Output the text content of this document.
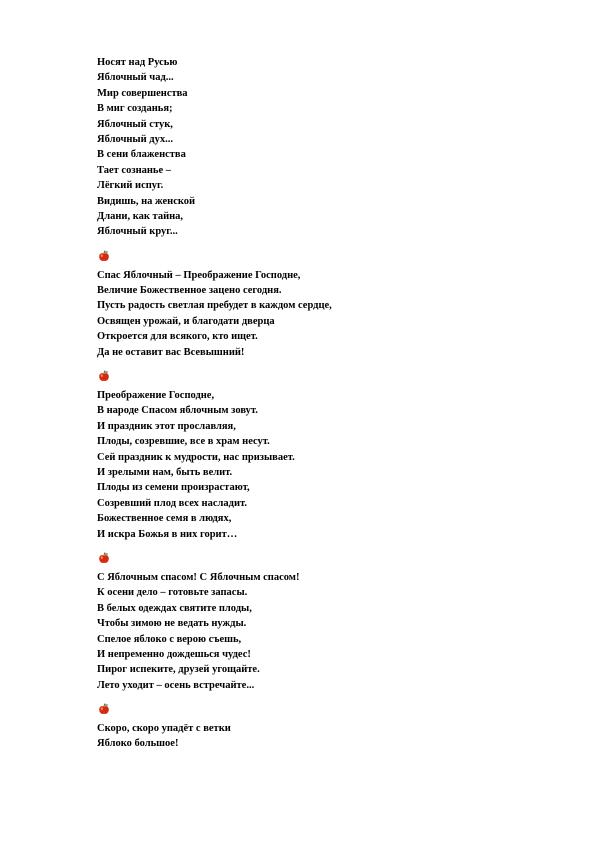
Носят над Русью
Яблочный чад...
Мир совершенства
В миг созданья;
Яблочный стук,
Яблочный дух...
В сени блаженства
Тает сознанье –
Лёгкий испуг.
Видишь, на женской
Длани, как тайна,
Яблочный круг...
Спас Яблочный – Преображение Господне,
Величие Божественное зацено сегодня.
Пусть радость светлая пребудет в каждом сердце,
Освящен урожай, и благодати дверца
Откроется для всякого, кто ищет.
Да не оставит вас Всевышний!
Преображение Господне,
В народе Спасом яблочным зовут.
И праздник этот прославляя,
Плоды, созревшие, все в храм несут.
Сей праздник к мудрости, нас призывает.
И зрелыми нам, быть велит.
Плоды из семени произрастают,
Созревший плод всех насладит.
Божественное семя в людях,
И искра Божья в них горит…
С Яблочным спасом! С Яблочным спасом!
К осени дело – готовьте запасы.
В белых одеждах святите плоды,
Чтобы зимою не ведать нужды.
Спелое яблоко с верою съешь,
И непременно дождешься чудес!
Пирог испеките, друзей угощайте.
Лето уходит – осень встречайте...
Скоро, скоро упадёт с ветки
Яблоко большое!
